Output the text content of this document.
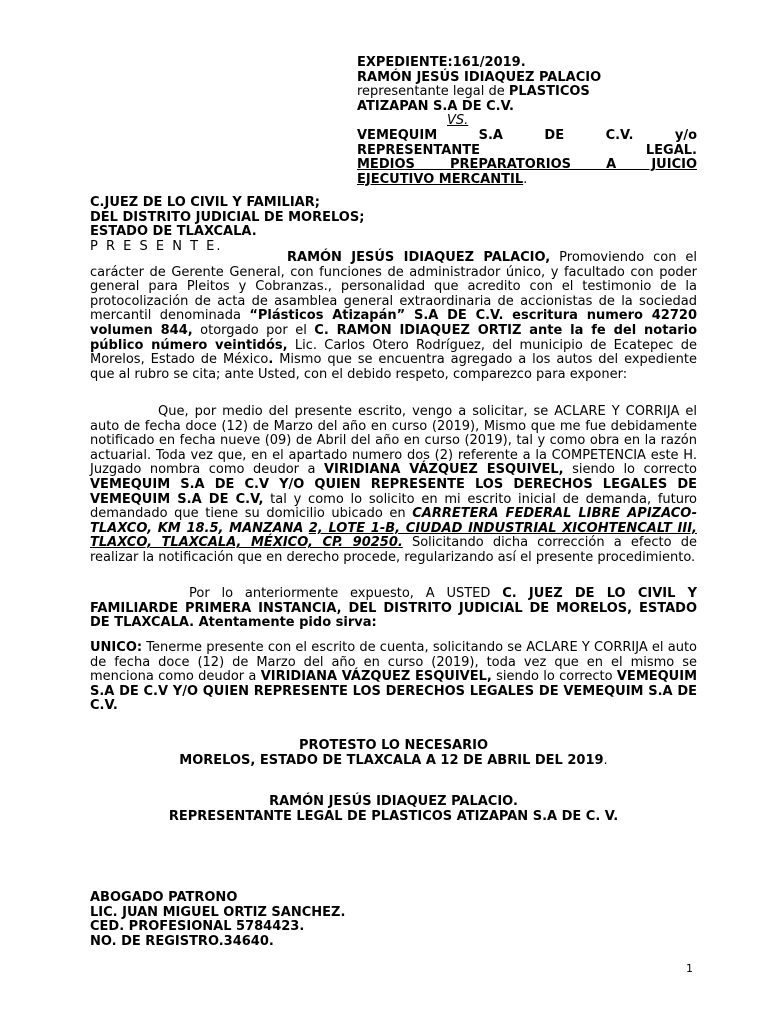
EXPEDIENTE:161/2019.

RAMÓN JESÚS IDIAQUEZ PALACIO

representante legal de PLASTICOS

ATIZAPAN S.A DE C.V.

VS.

VEMEQUIM S.A DE C.V. y/o

REPRESENTANTE LEGAL.

MEDIOS PREPARATORIOS A JUICIO

EJECUTIVO MERCANTIL.

C.JUEZ DE LO CIVIL Y FAMILIAR;

DEL DISTRITO JUDICIAL DE MORELOS;

ESTADO DE TLAXCALA.

P R E S E N T E.

RAMÓN JESÚS IDIAQUEZ PALACIO, Promoviendo con el carácter de Gerente General, con funciones de administrador único, y facultado con poder general para Pleitos y Cobranzas., personalidad que acredito con el testimonio de la protocolización de acta de asamblea general extraordinaria de accionistas de la sociedad mercantil denominada “Plásticos Atizapán” S.A DE C.V. escritura numero 42720 volumen 844, otorgado por el C. RAMON IDIAQUEZ ORTIZ ante la fe del notario público número veintidós, Lic. Carlos Otero Rodríguez, del municipio de Ecatepec de Morelos, Estado de México. Mismo que se encuentra agregado a los autos del expediente que al rubro se cita; ante Usted, con el debido respeto, comparezco para exponer:

Que, por medio del presente escrito, vengo a solicitar, se ACLARE Y CORRIJA el auto de fecha doce (12) de Marzo del año en curso (2019), Mismo que me fue debidamente notificado en fecha nueve (09) de Abril del año en curso (2019), tal y como obra en la razón actuarial. Toda vez que, en el apartado numero dos (2) referente a la COMPETENCIA este H. Juzgado nombra como deudor a VIRIDIANA VÁZQUEZ ESQUIVEL, siendo lo correcto VEMEQUIM S.A DE C.V Y/O QUIEN REPRESENTE LOS DERECHOS LEGALES DE VEMEQUIM S.A DE C.V, tal y como lo solicito en mi escrito inicial de demanda, futuro demandado que tiene su domicilio ubicado en CARRETERA FEDERAL LIBRE APIZACO-TLAXCO, KM 18.5, MANZANA 2, LOTE 1-B, CIUDAD INDUSTRIAL XICOHTENCALT III, TLAXCO, TLAXCALA, MÉXICO, CP. 90250. Solicitando dicha corrección a efecto de realizar la notificación que en derecho procede, regularizando así el presente procedimiento.

Por lo anteriormente expuesto, A USTED C. JUEZ DE LO CIVIL Y FAMILIARDE PRIMERA INSTANCIA, DEL DISTRITO JUDICIAL DE MORELOS, ESTADO DE TLAXCALA. Atentamente pido sirva:

UNICO: Tenerme presente con el escrito de cuenta, solicitando se ACLARE Y CORRIJA el auto de fecha doce (12) de Marzo del año en curso (2019), toda vez que en el mismo se menciona como deudor a VIRIDIANA VÁZQUEZ ESQUIVEL, siendo lo correcto VEMEQUIM S.A DE C.V Y/O QUIEN REPRESENTE LOS DERECHOS LEGALES DE VEMEQUIM S.A DE C.V.

PROTESTO LO NECESARIO

MORELOS, ESTADO DE TLAXCALA A 12 DE ABRIL DEL 2019.

RAMÓN JESÚS IDIAQUEZ PALACIO.

REPRESENTANTE LEGAL DE PLASTICOS ATIZAPAN S.A DE C. V.

ABOGADO PATRONO

LIC. JUAN MIGUEL ORTIZ SANCHEZ.

CED. PROFESIONAL 5784423.

NO. DE REGISTRO.34640.

1
